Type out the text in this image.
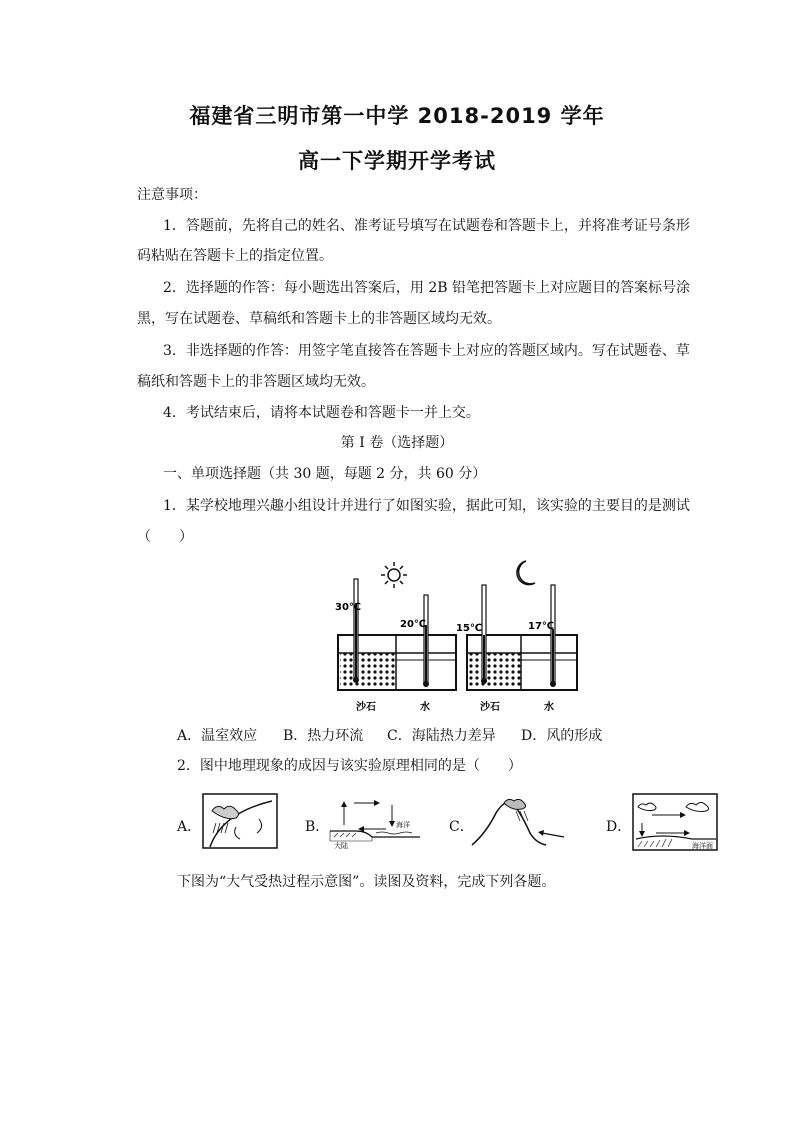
福建省三明市第一中学 2018-2019 学年
高一下学期开学考试
注意事项：
1．答题前，先将自己的姓名、准考证号填写在试题卷和答题卡上，并将准考证号条形
码粘贴在答题卡上的指定位置。
2．选择题的作答：每小题选出答案后，用 2B 铅笔把答题卡上对应题目的答案标号涂
黑，写在试题卷、草稿纸和答题卡上的非答题区域均无效。
3．非选择题的作答：用签字笔直接答在答题卡上对应的答题区域内。写在试题卷、草
稿纸和答题卡上的非答题区域均无效。
4．考试结束后，请将本试题卷和答题卡一并上交。
第 I 卷（选择题）
一、单项选择题（共 30 题，每题 2 分，共 60 分）
1．某学校地理兴趣小组设计并进行了如图实验，据此可知，该实验的主要目的是测试
（　　）
30℃
20℃
沙石	水
15℃	17℃
沙石	水
A．温室效应 B．热力环流 C．海陆热力差异 D．风的形成
2．图中地理现象的成因与该实验原理相同的是（　　）
A．	B．
大陆
海洋	C．	D．
海洋面
下图为“大气受热过程示意图”。读图及资料，完成下列各题。
